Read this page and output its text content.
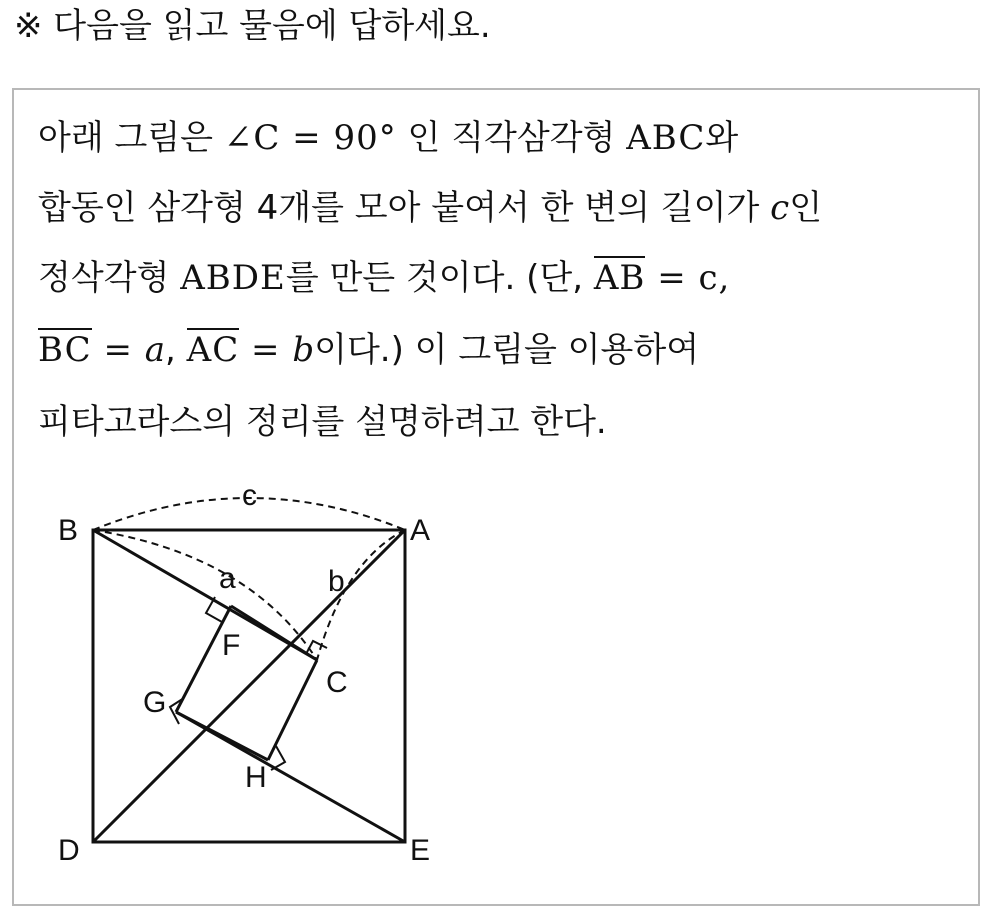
※ 다음을 읽고 물음에 답하세요.
아래 그림은 ∠C = 90° 인 직각삼각형 ABC와
합동인 삼각형 4개를 모아 붙여서 한 변의 길이가 c인
정삭각형 ABDE를 만든 것이다. (단, AB = c,
BC = a, AC = b이다.) 이 그림을 이용하여
피타고라스의 정리를 설명하려고 한다.
B	A
D	E
F
G
H
C
a	b
c
